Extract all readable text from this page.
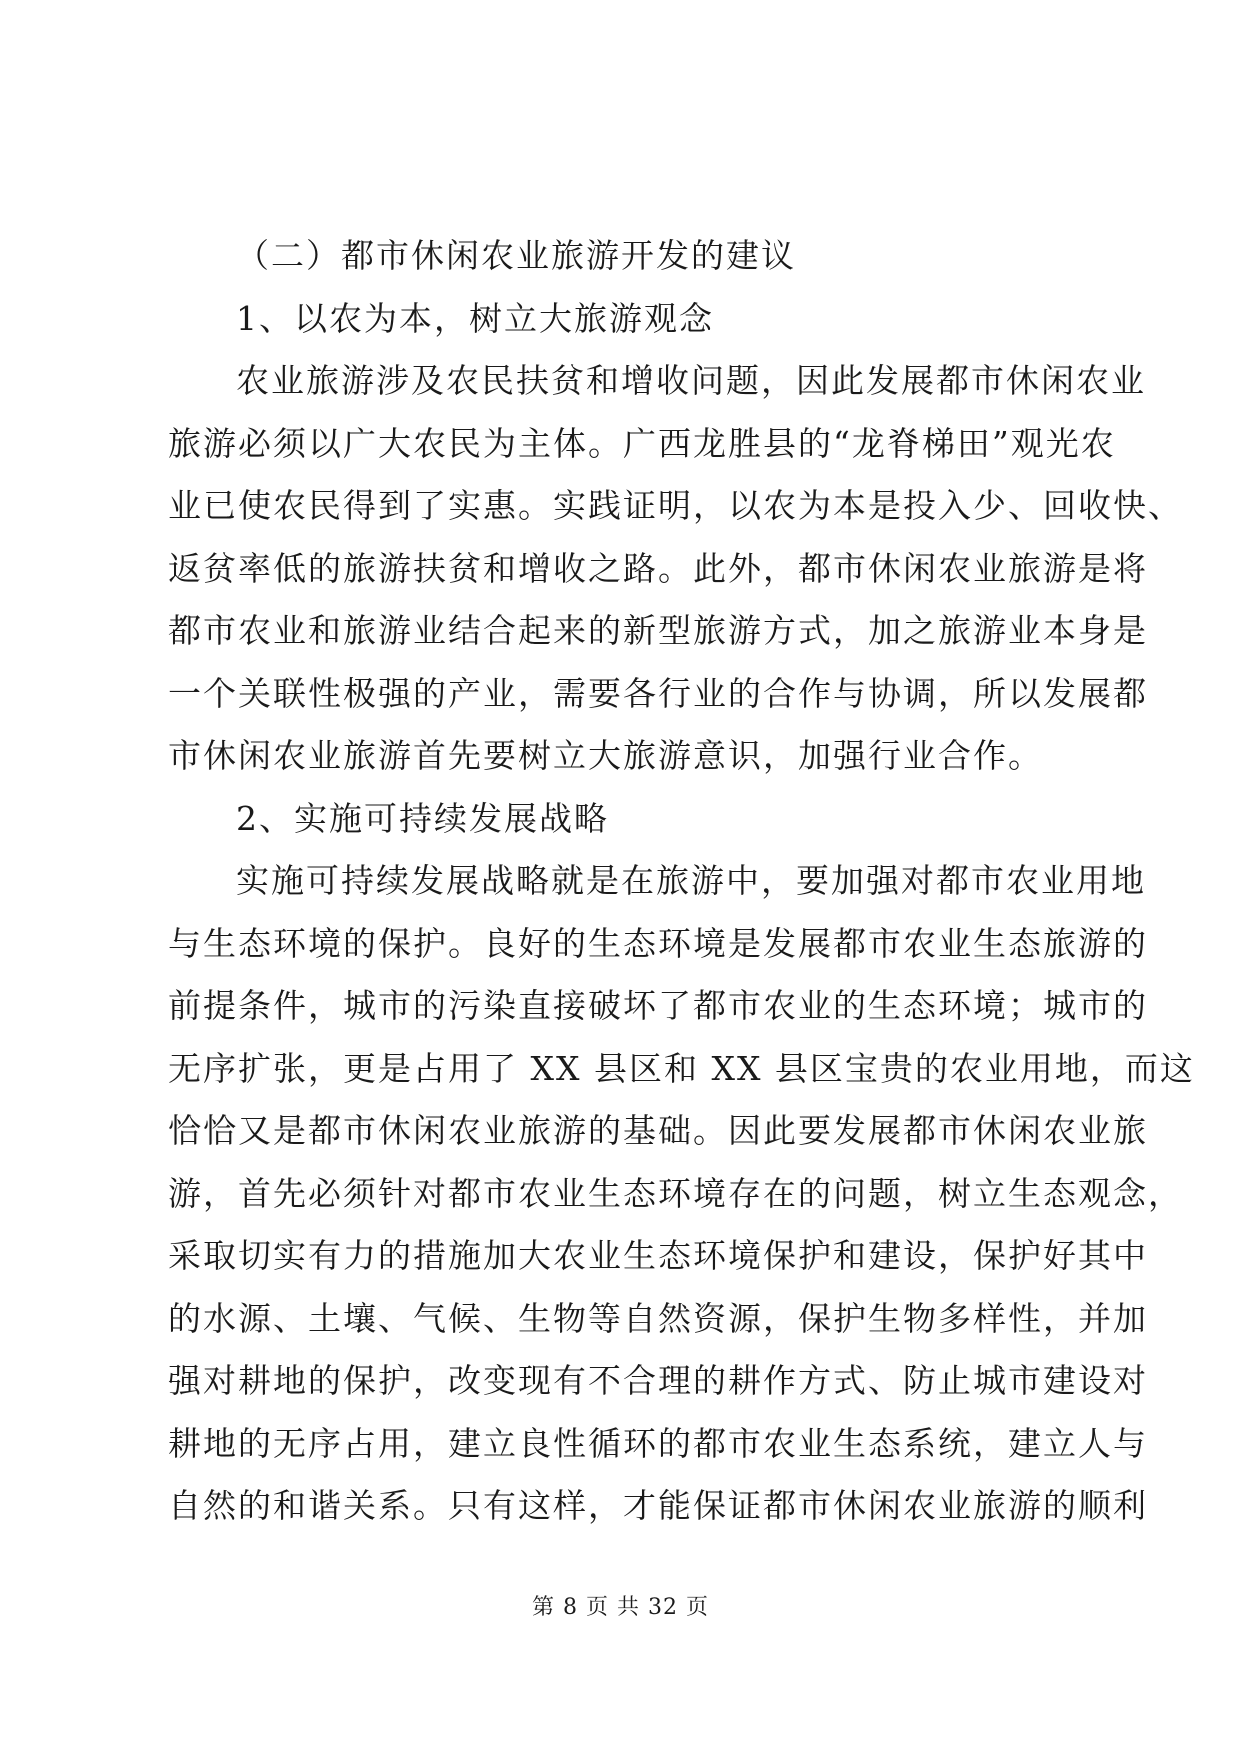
（二）都市休闲农业旅游开发的建议
1、以农为本，树立大旅游观念
农业旅游涉及农民扶贫和增收问题，因此发展都市休闲农业
旅游必须以广大农民为主体。广西龙胜县的“龙脊梯田”观光农
业已使农民得到了实惠。实践证明，以农为本是投入少、回收快、
返贫率低的旅游扶贫和增收之路。此外，都市休闲农业旅游是将
都市农业和旅游业结合起来的新型旅游方式，加之旅游业本身是
一个关联性极强的产业，需要各行业的合作与协调，所以发展都
市休闲农业旅游首先要树立大旅游意识，加强行业合作。
2、实施可持续发展战略
实施可持续发展战略就是在旅游中，要加强对都市农业用地
与生态环境的保护。良好的生态环境是发展都市农业生态旅游的
前提条件，城市的污染直接破坏了都市农业的生态环境；城市的
无序扩张，更是占用了 XX 县区和 XX 县区宝贵的农业用地，而这
恰恰又是都市休闲农业旅游的基础。因此要发展都市休闲农业旅
游，首先必须针对都市农业生态环境存在的问题，树立生态观念，
采取切实有力的措施加大农业生态环境保护和建设，保护好其中
的水源、土壤、气候、生物等自然资源，保护生物多样性，并加
强对耕地的保护，改变现有不合理的耕作方式、防止城市建设对
耕地的无序占用，建立良性循环的都市农业生态系统，建立人与
自然的和谐关系。只有这样，才能保证都市休闲农业旅游的顺利
第 8 页 共 32 页
